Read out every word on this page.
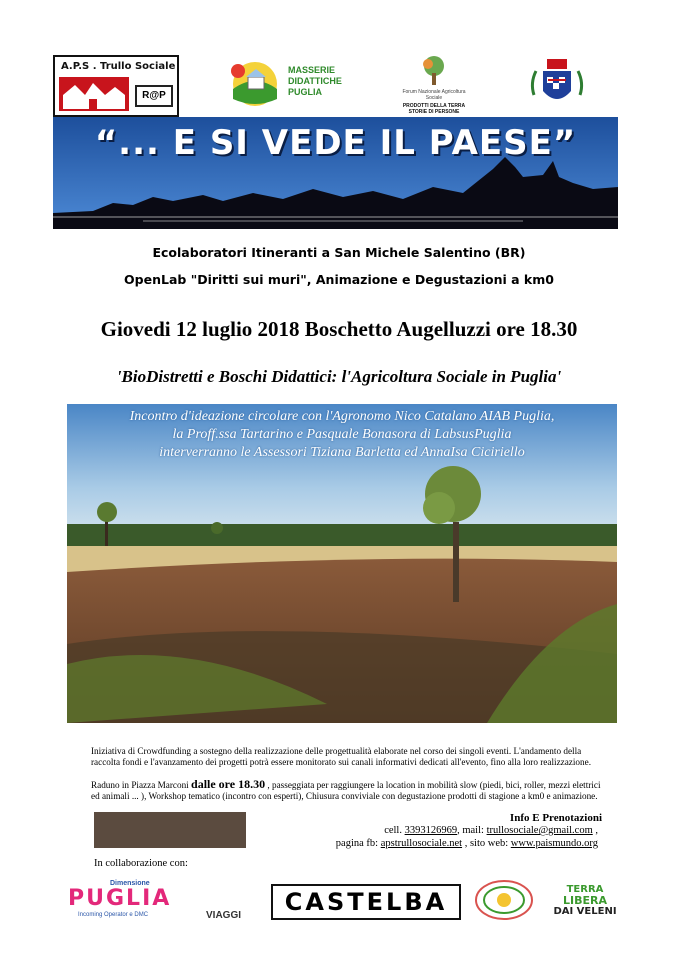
A.P.S . Trullo Sociale
R@P
MASSERIE
DIDATTICHE
PUGLIA	Forum Nazionale Agricoltura Sociale
PRODOTTI DELLA TERRA STORIE DI PERSONE
“... E SI VEDE IL PAESE”
Ecolaboratori Itineranti a San Michele Salentino (BR)
OpenLab "Diritti sui muri", Animazione e Degustazioni a km0
Giovedi 12 luglio 2018 Boschetto Augelluzzi ore 18.30
'BioDistretti e Boschi Didattici: l'Agricoltura Sociale in Puglia'
Incontro d'ideazione circolare con l'Agronomo Nico Catalano AIAB Puglia,
la Proff.ssa Tartarino e Pasquale Bonasora di LabsusPuglia
interverranno le Assessori Tiziana Barletta ed AnnaIsa Ciciriello
Iniziativa di Crowdfunding a sostegno della realizzazione delle progettualità elaborate nel corso dei singoli eventi. L'andamento della raccolta fondi e l'avanzamento dei progetti potrà essere monitorato sui canali informativi dedicati all'evento, fino alla loro realizzazione.
Raduno in Piazza Marconi dalle ore 18.30 , passeggiata per raggiungere la location in mobilità slow (piedi, bici, roller, mezzi elettrici ed animali ... ), Workshop tematico (incontro con esperti), Chiusura conviviale con degustazione prodotti di stagione a km0 e animazione.
Info E Prenotazioni
cell. 3393126969, mail: trullosociale@gmail.com ,
pagina fb: apstrullosociale.net , sito web: www.paismundo.org
In collaborazione con:
Dimensione
PUGLIA
Incoming Operator e DMC	VIAGGI	CASTELBA	TERRA
LIBERA
DAI VELENI
